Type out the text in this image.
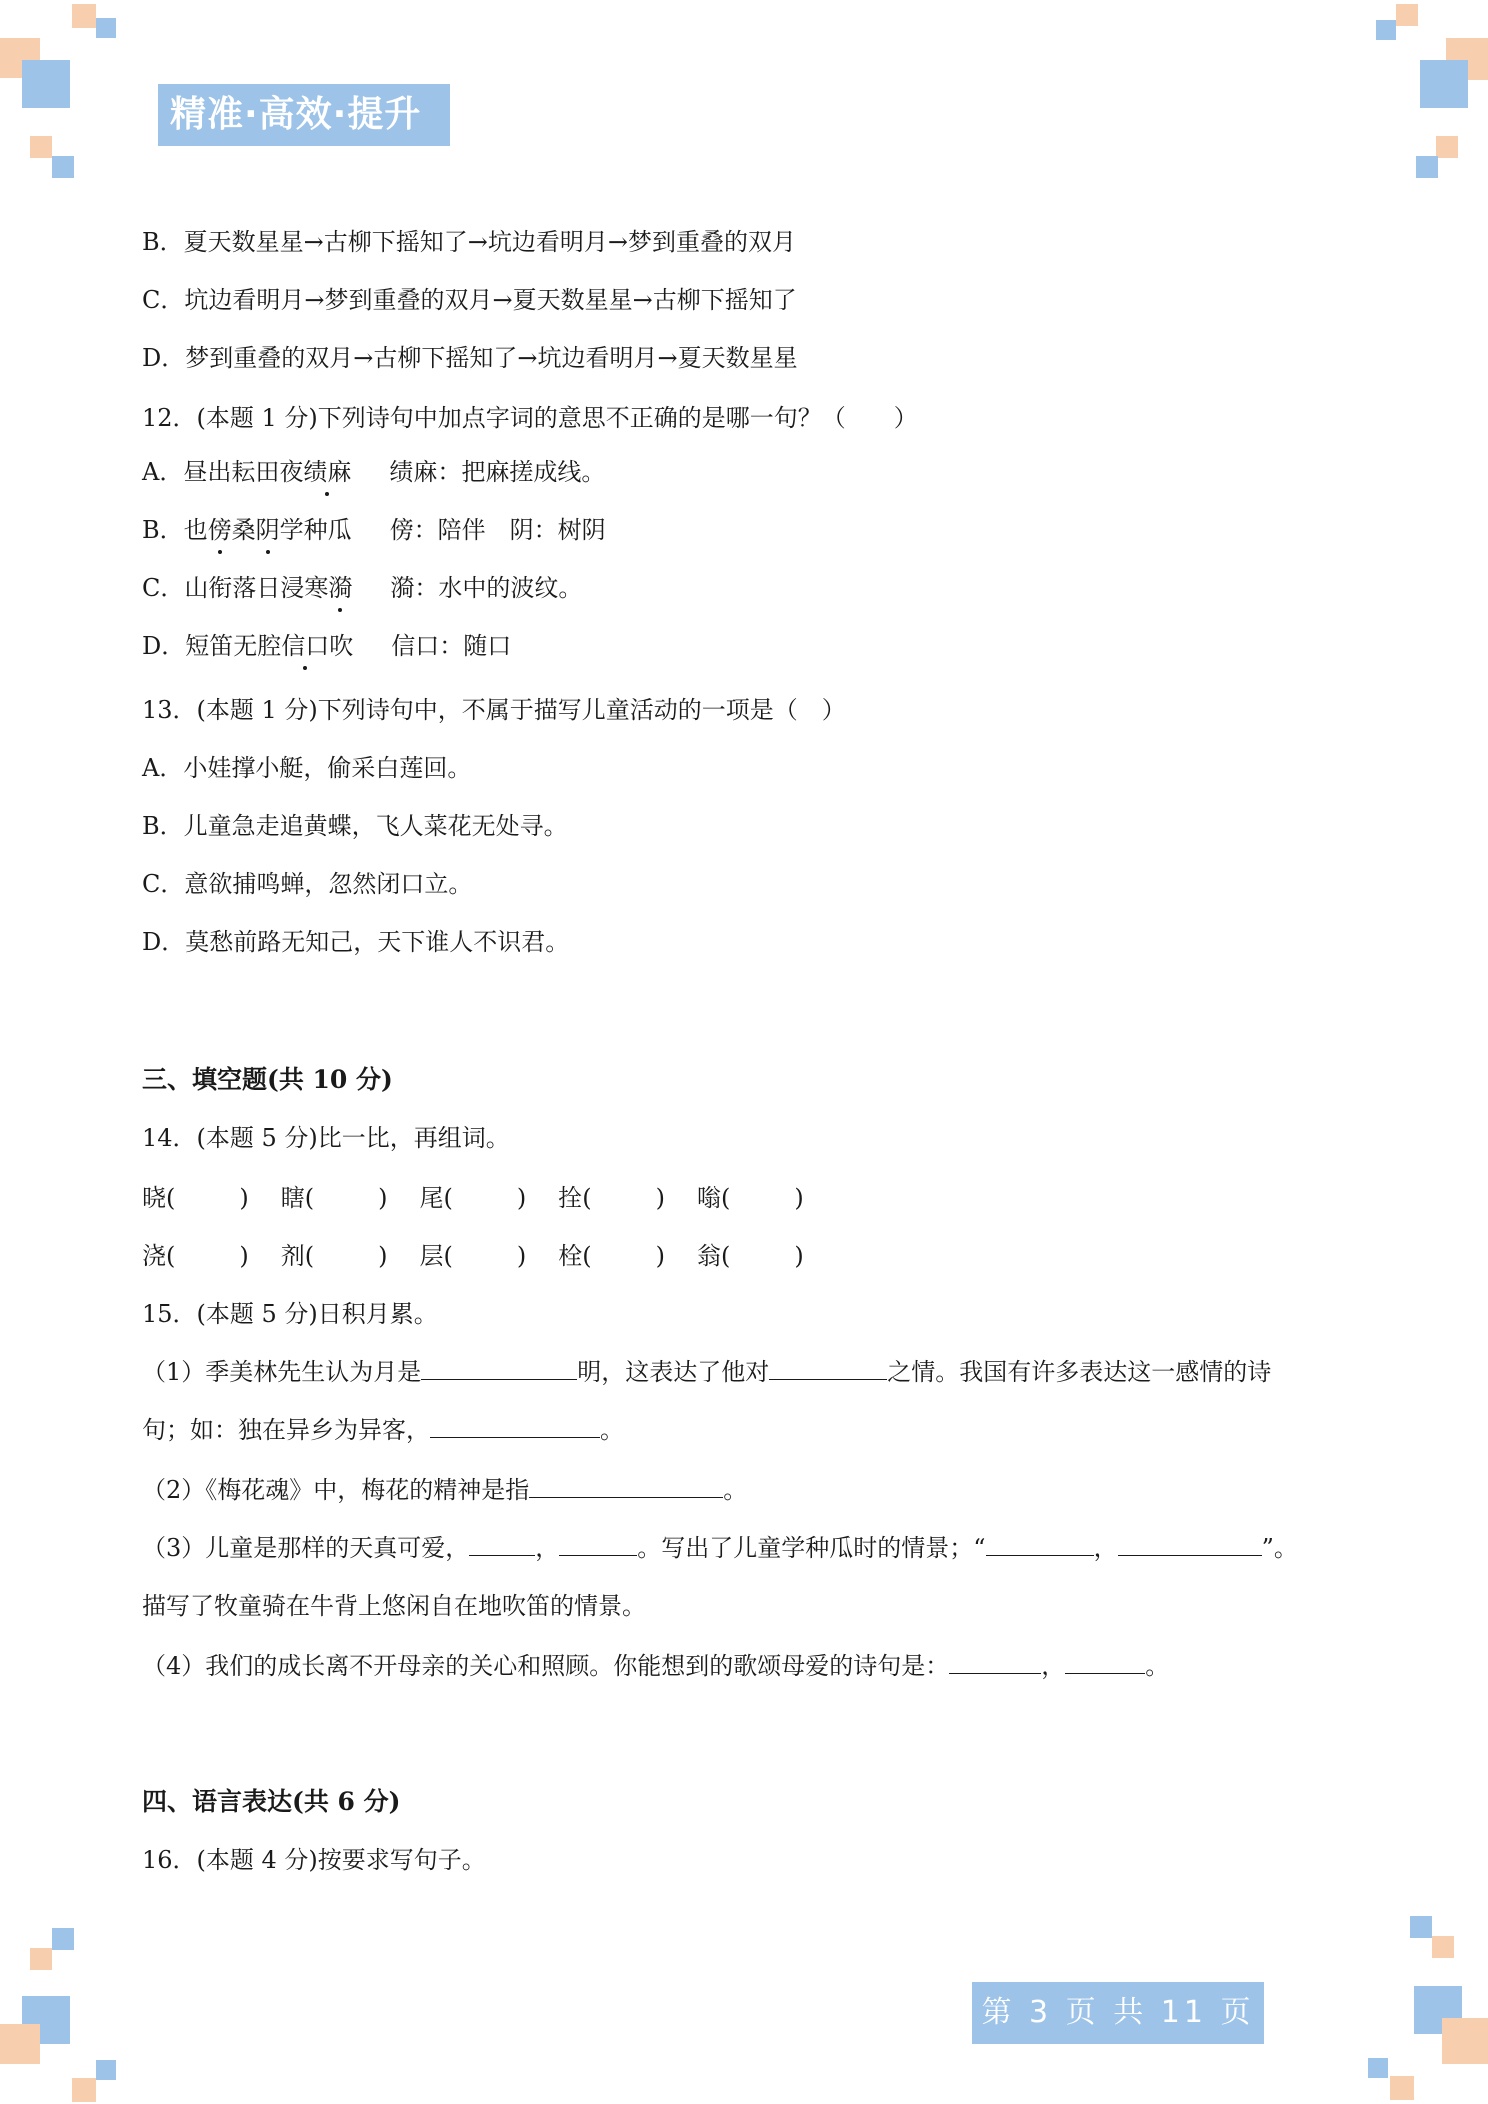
精准·高效·提升
B．夏天数星星→古柳下摇知了→坑边看明月→梦到重叠的双月
C．坑边看明月→梦到重叠的双月→夏天数星星→古柳下摇知了
D．梦到重叠的双月→古柳下摇知了→坑边看明月→夏天数星星
12．(本题 1 分)下列诗句中加点字词的意思不正确的是哪一句？（　　）
A．昼出耘田夜绩麻 绩麻：把麻搓成线。
B．也傍桑阴学种瓜 傍：陪伴　阴：树阴
C．山衔落日浸寒漪 漪：水中的波纹。
D．短笛无腔信口吹 信口：随口
13．(本题 1 分)下列诗句中，不属于描写儿童活动的一项是（　）
A．小娃撑小艇，偷采白莲回。
B．儿童急走追黄蝶，飞人菜花无处寻。
C．意欲捕鸣蝉，忽然闭口立。
D．莫愁前路无知己，天下谁人不识君。
三、填空题(共 10 分)
14．(本题 5 分)比一比，再组词。
晓(	) 瞎(	) 尾(	) 拴(	) 嗡(	)
浇(	) 剂(	) 层(	) 栓(	) 翁(	)
15．(本题 5 分)日积月累。
（1）季美林先生认为月是	明，这表达了他对	之情。我国有许多表达这一感情的诗
句；如：独在异乡为异客，	。
（2）《梅花魂》中，梅花的精神是指	。
（3）儿童是那样的天真可爱，	，	。写出了儿童学种瓜时的情景；“	，	”。
描写了牧童骑在牛背上悠闲自在地吹笛的情景。
（4）我们的成长离不开母亲的关心和照顾。你能想到的歌颂母爱的诗句是：	，	。
四、语言表达(共 6 分)
16．(本题 4 分)按要求写句子。
第 3 页 共 11 页
